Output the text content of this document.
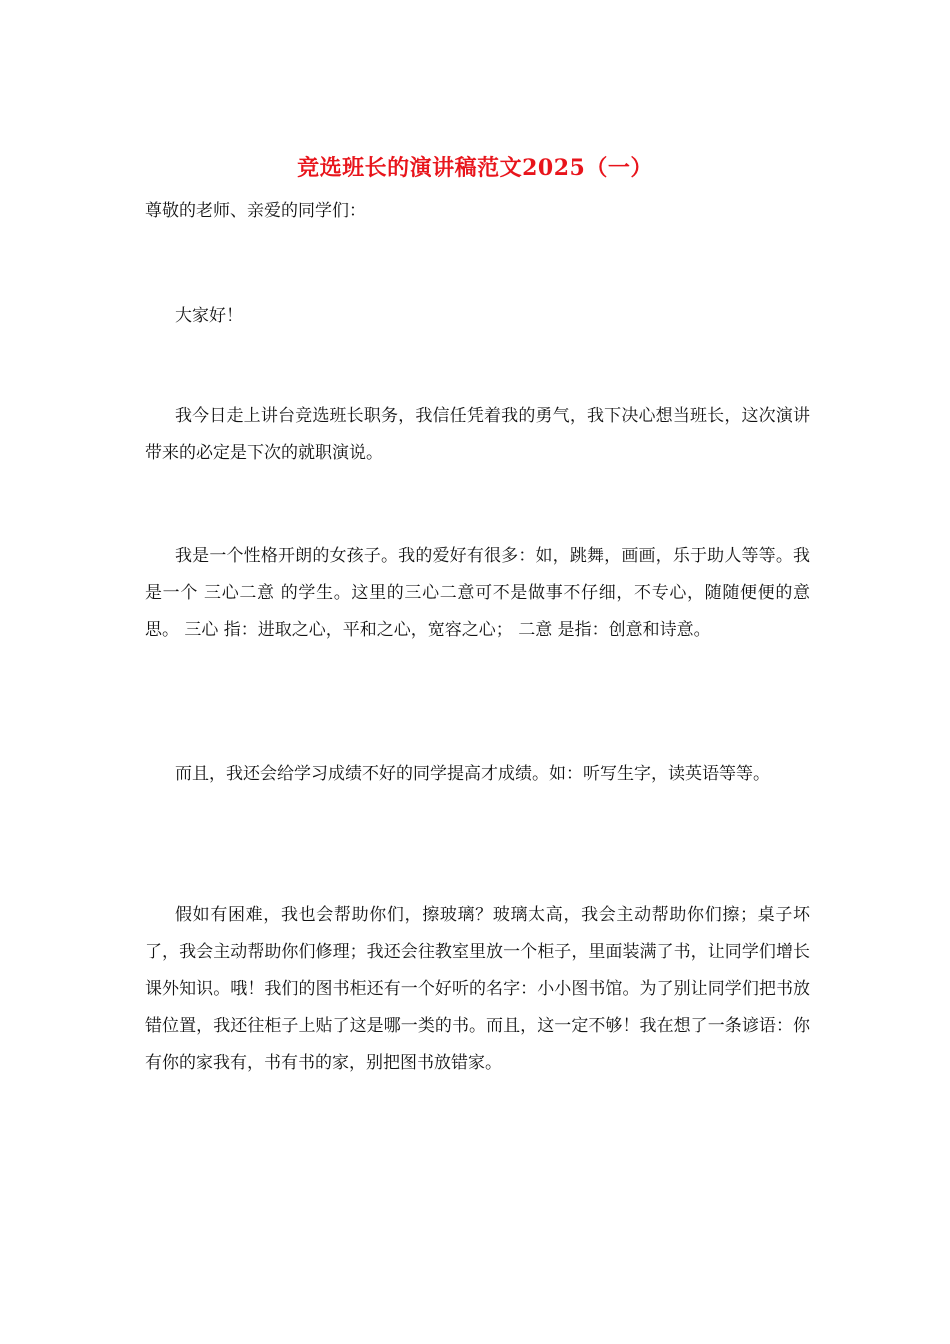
竞选班长的演讲稿范文2025（一）
尊敬的老师、亲爱的同学们：

大家好！

我今日走上讲台竞选班长职务，我信任凭着我的勇气，我下决心想当班长，这次演讲带来的必定是下次的就职演说。

我是一个性格开朗的女孩子。我的爱好有很多：如，跳舞，画画，乐于助人等等。我是一个 三心二意 的学生。这里的三心二意可不是做事不仔细，不专心，随随便便的意思。 三心 指：进取之心，平和之心，宽容之心； 二意 是指：创意和诗意。

而且，我还会给学习成绩不好的同学提高才成绩。如：听写生字，读英语等等。

假如有困难，我也会帮助你们，擦玻璃？玻璃太高，我会主动帮助你们擦；桌子坏了，我会主动帮助你们修理；我还会往教室里放一个柜子，里面装满了书，让同学们增长课外知识。哦！我们的图书柜还有一个好听的名字：小小图书馆。为了别让同学们把书放错位置，我还往柜子上贴了这是哪一类的书。而且，这一定不够！我在想了一条谚语：你有你的家我有，书有书的家，别把图书放错家。
